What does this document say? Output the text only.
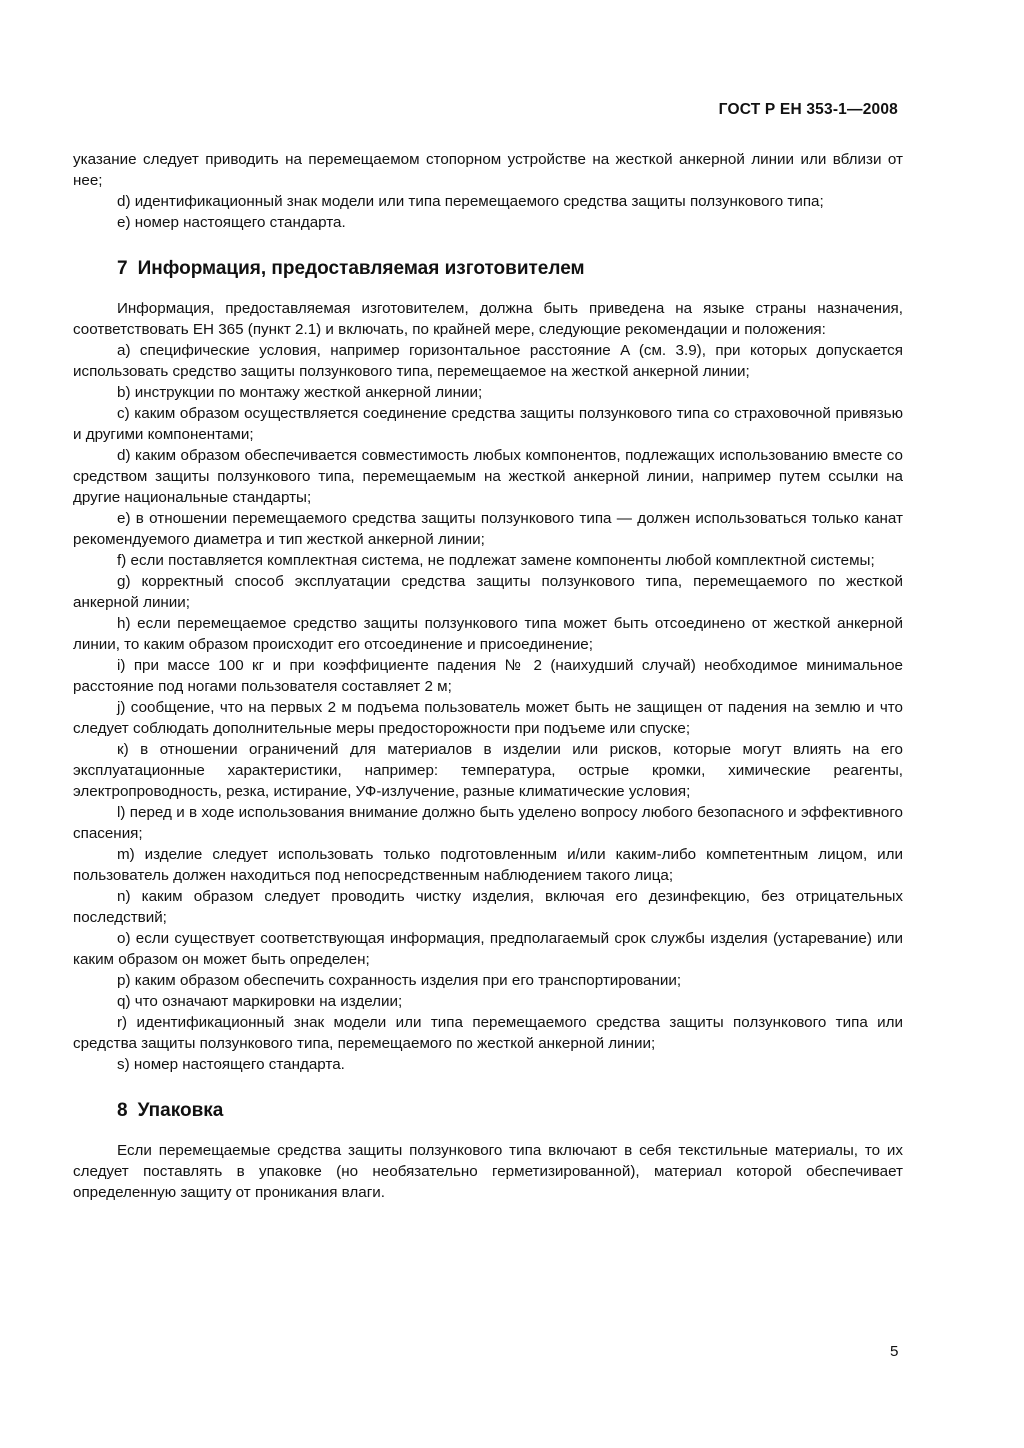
ГОСТ Р ЕН 353-1—2008

указание следует приводить на перемещаемом стопорном устройстве на жесткой анкерной линии или вблизи от нее;

d) идентификационный знак модели или типа перемещаемого средства защиты ползункового типа;

e) номер настоящего стандарта.

7 Информация, предоставляемая изготовителем

Информация, предоставляемая изготовителем, должна быть приведена на языке страны назначения, соответствовать ЕН 365 (пункт 2.1) и включать, по крайней мере, следующие рекомендации и положения:

a) специфические условия, например горизонтальное расстояние A (см. 3.9), при которых допускается использовать средство защиты ползункового типа, перемещаемое на жесткой анкерной линии;

b) инструкции по монтажу жесткой анкерной линии;

c) каким образом осуществляется соединение средства защиты ползункового типа со страховочной привязью и другими компонентами;

d) каким образом обеспечивается совместимость любых компонентов, подлежащих использованию вместе со средством защиты ползункового типа, перемещаемым на жесткой анкерной линии, например путем ссылки на другие национальные стандарты;

e) в отношении перемещаемого средства защиты ползункового типа — должен использоваться только канат рекомендуемого диаметра и тип жесткой анкерной линии;

f) если поставляется комплектная система, не подлежат замене компоненты любой комплектной системы;

g) корректный способ эксплуатации средства защиты ползункового типа, перемещаемого по жесткой анкерной линии;

h) если перемещаемое средство защиты ползункового типа может быть отсоединено от жесткой анкерной линии, то каким образом происходит его отсоединение и присоединение;

i) при массе 100 кг и при коэффициенте падения № 2 (наихудший случай) необходимое минимальное расстояние под ногами пользователя составляет 2 м;

j) сообщение, что на первых 2 м подъема пользователь может быть не защищен от падения на землю и что следует соблюдать дополнительные меры предосторожности при подъеме или спуске;

к) в отношении ограничений для материалов в изделии или рисков, которые могут влиять на его эксплуатационные характеристики, например: температура, острые кромки, химические реагенты, электропроводность, резка, истирание, УФ-излучение, разные климатические условия;

l) перед и в ходе использования внимание должно быть уделено вопросу любого безопасного и эффективного спасения;

m) изделие следует использовать только подготовленным и/или каким-либо компетентным лицом, или пользователь должен находиться под непосредственным наблюдением такого лица;

n) каким образом следует проводить чистку изделия, включая его дезинфекцию, без отрицательных последствий;

o) если существует соответствующая информация, предполагаемый срок службы изделия (устаревание) или каким образом он может быть определен;

p) каким образом обеспечить сохранность изделия при его транспортировании;

q) что означают маркировки на изделии;

r) идентификационный знак модели или типа перемещаемого средства защиты ползункового типа или средства защиты ползункового типа, перемещаемого по жесткой анкерной линии;

s) номер настоящего стандарта.

8 Упаковка

Если перемещаемые средства защиты ползункового типа включают в себя текстильные материалы, то их следует поставлять в упаковке (но необязательно герметизированной), материал которой обеспечивает определенную защиту от проникания влаги.

5
